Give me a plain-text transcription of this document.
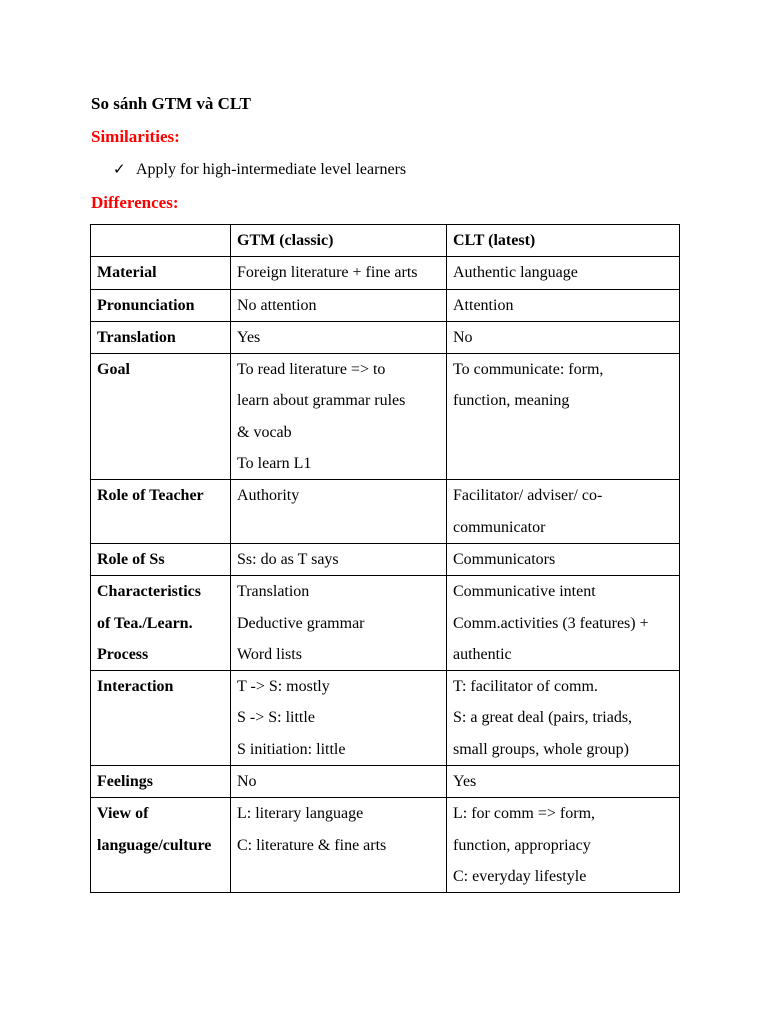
So sánh GTM và CLT
Similarities:
✓ Apply for high-intermediate level learners
Differences:
	GTM (classic)	CLT (latest)

Material	Foreign literature + fine arts	Authentic language

Pronunciation	No attention	Attention

Translation	Yes	No

Goal	To read literature => to
learn about grammar rules
& vocab
To learn L1	To communicate: form,
function, meaning

Role of Teacher	Authority	Facilitator/ adviser/ co-
communicator

Role of Ss	Ss: do as T says	Communicators

Characteristics
of Tea./Learn.
Process	Translation
Deductive grammar
Word lists	Communicative intent
Comm.activities (3 features) +
authentic

Interaction	T -> S: mostly
S -> S: little
S initiation: little	T: facilitator of comm.
S: a great deal (pairs, triads,
small groups, whole group)

Feelings	No	Yes

View of
language/culture	L: literary language
C: literature & fine arts	L: for comm => form,
function, appropriacy
C: everyday lifestyle
